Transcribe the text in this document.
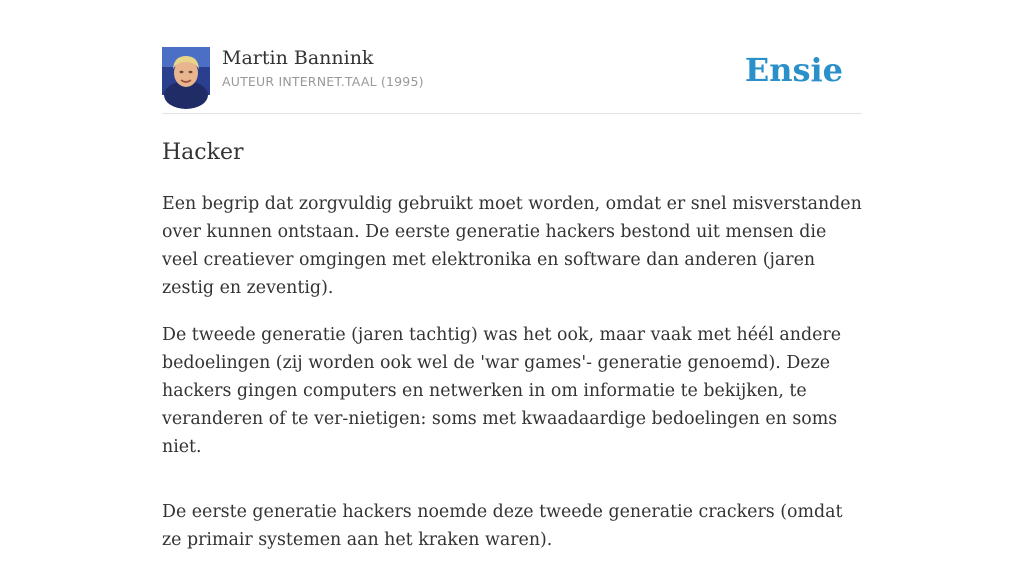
Martin Bannink
AUTEUR INTERNET.TAAL (1995)	Ensie
Hacker

Een begrip dat zorgvuldig gebruikt moet worden, omdat er snel misverstanden over kunnen ontstaan. De eerste generatie hackers bestond uit mensen die veel creatiever omgingen met elektronika en software dan anderen (jaren zestig en zeventig).

De tweede generatie (jaren tachtig) was het ook, maar vaak met héél andere bedoelingen (zij worden ook wel de 'war games'- generatie genoemd). Deze hackers gingen computers en netwerken in om informatie te bekijken, te veranderen of te ver-nietigen: soms met kwaadaardige bedoelingen en soms niet.

De eerste generatie hackers noemde deze tweede generatie crackers (omdat ze primair systemen aan het kraken waren).
